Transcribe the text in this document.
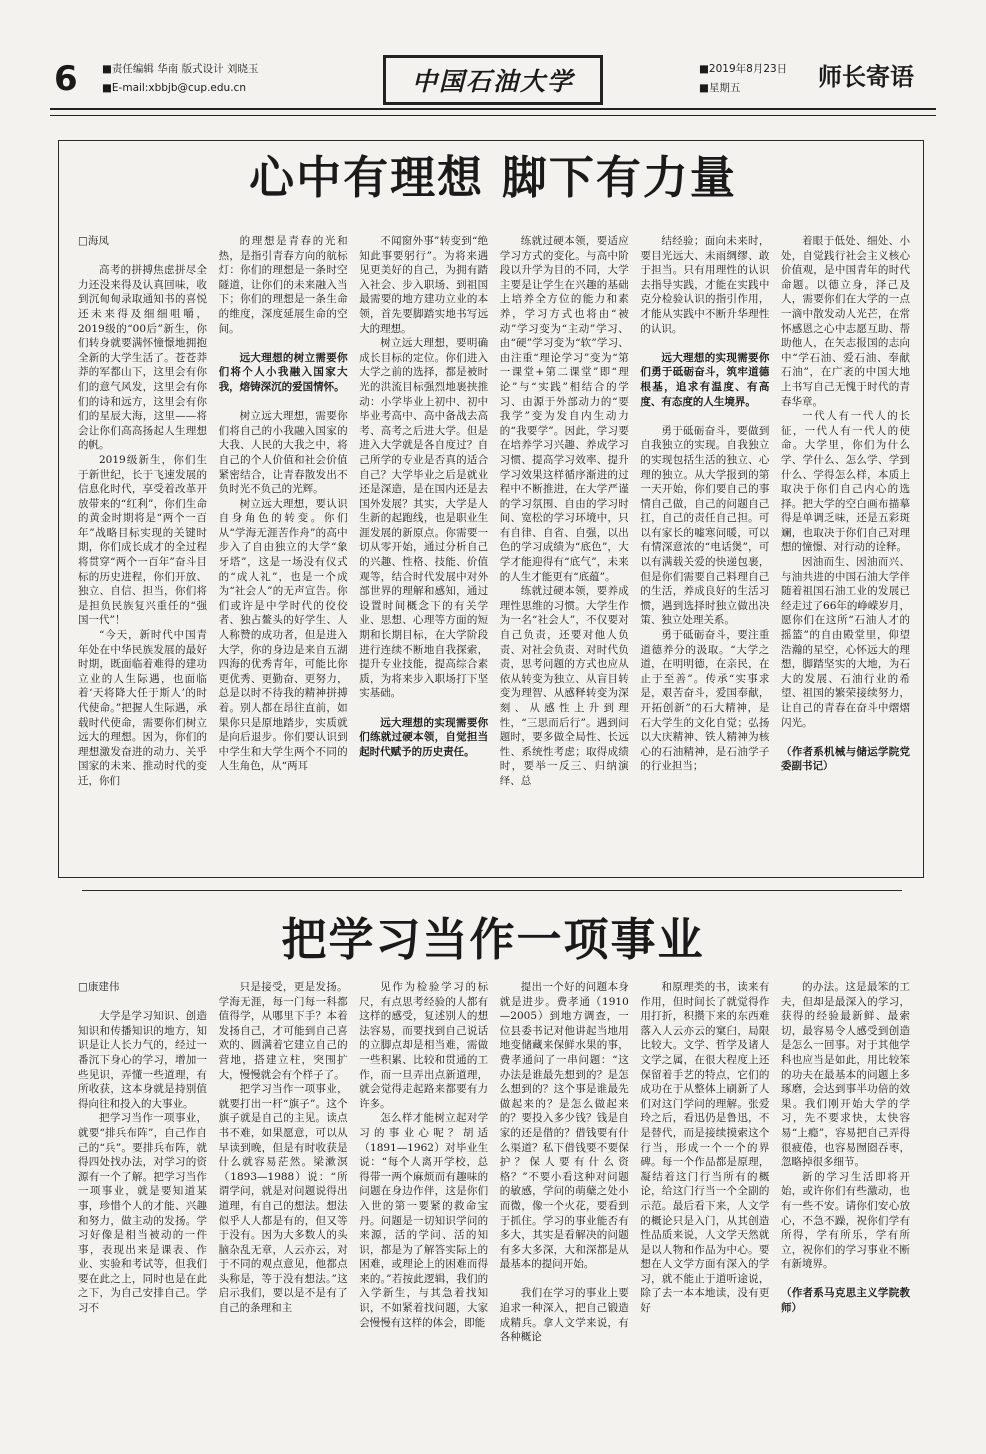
6 ■责任编辑 华南 版式设计 刘晓玉
■E-mail:xbbjb@cup.edu.cn	中国石油大学	■2019年8月23日
■星期五	师长寄语
心中有理想 脚下有力量

□海凤

高考的拼搏焦虑拼尽全力还没来得及认真回味，收到沉甸甸录取通知书的喜悦还未来得及细细咀嚼，2019级的“00后”新生，你们转身就要满怀憧憬地拥抱全新的大学生活了。苍苍莽莽的军都山下，这里会有你们的意气风发，这里会有你们的诗和远方，这里会有你们的星辰大海，这里——将会让你们高高扬起人生理想的帆。

2019级新生，你们生于新世纪，长于飞速发展的信息化时代，享受着改革开放带来的“红利”，你们生命的黄金时期将是“两个一百年”战略目标实现的关键时期，你们成长成才的全过程将贯穿“两个一百年”奋斗目标的历史进程，你们开放、独立、自信、担当，你们将是担负民族复兴重任的“强国一代”！

“今天，新时代中国青年处在中华民族发展的最好时期，既面临着难得的建功立业的人生际遇，也面临着‘天将降大任于斯人’的时代使命。”把握人生际遇，承载时代使命，需要你们树立远大的理想。因为，你们的理想激发奋进的动力、关乎国家的未来、推动时代的变迁，你们

的理想是青春的光和热，是指引青春方向的航标灯：你们的理想是一条时空隧道，让你们的未来融入当下；你们的理想是一条生命的维度，深度延展生命的空间。

远大理想的树立需要你们将个人小我融入国家大我，熔铸深沉的爱国情怀。

树立远大理想，需要你们将自己的小我融入国家的大我、人民的大我之中，将自己的个人价值和社会价值紧密结合，让青春散发出不负时光不负己的光辉。

树立远大理想，要认识自身角色的转变。你们从“学海无涯苦作舟”的高中步入了自由独立的大学“象牙塔”，这是一场没有仪式的“成人礼”，也是一个成为“社会人”的无声宣告。你们或许是中学时代的佼佼者、独占鳌头的好学生、人人称赞的成功者，但是进入大学，你的身边是来自五湖四海的优秀青年，可能比你更优秀、更勤奋、更努力，总是以时不待我的精神拼搏着。别人都在昂往直前，如果你只是原地踏步，实质就是向后退步。你们要认识到中学生和大学生两个不同的人生角色，从“两耳

不闻窗外事”转变到“绝知此事要躬行”。为将来遇见更美好的自己，为拥有踏入社会、步入职场、到祖国最需要的地方建功立业的本领，首先要脚踏实地书写远大的理想。

树立远大理想，要明确成长目标的定位。你们进入大学之前的选择，都是被时光的洪流目标强烈地裹挟推动：小学毕业上初中、初中毕业考高中、高中备战去高考、高考之后进大学。但是进入大学就是各自度过？自己所学的专业是否真的适合自己？大学毕业之后是就业还是深造，是在国内还是去国外发展？其实，大学是人生新的起跑线，也是职业生涯发展的新原点。你需要一切从零开始，通过分析自己的兴趣、性格、技能、价值观等，结合时代发展中对外部世界的理解和感知，通过设置时间概念下的有关学业、思想、心理等方面的短期和长期目标，在大学阶段进行连续不断地自我探索，提升专业技能，提高综合素质，为将来步入职场打下坚实基础。

远大理想的实现需要你们练就过硬本领，自觉担当起时代赋予的历史责任。

练就过硬本领，要适应学习方式的变化。与高中阶段以升学为目的不同，大学主要是让学生在兴趣的基础上培养全方位的能力和素养，学习方式也将由“被动”学习变为“主动”学习、由“硬”学习变为“软”学习、由注重“理论学习”变为“第一课堂+第二课堂”即“理论”与“实践”相结合的学习、由源于外部动力的“要我学”变为发自内生动力的“我要学”。因此，学习要在培养学习兴趣、养成学习习惯、提高学习效率、提升学习效果这样循序渐进的过程中不断推进，在大学严谨的学习氛围、自由的学习时间、宽松的学习环境中，只有自律、自省、自强，以出色的学习成绩为“底色”，大学才能迎得有“底气”，未来的人生才能更有“底蕴”。

练就过硬本领，要养成理性思维的习惯。大学生作为一名“社会人”，不仅要对自己负责，还要对他人负责、对社会负责、对时代负责，思考问题的方式也应从依从转变为独立、从盲目转变为理智、从感释转变为深刻、从感性上升到理性，“三思而后行”。遇到问题时，要多做全局性、长远性、系统性考虑；取得成绩时，要举一反三、归纳演绎、总

结经验；面向未来时，要目光远大、未雨绸缪、敢于担当。只有用理性的认识去指导实践，才能在实践中克分检验认识的指引作用，才能从实践中不断升华理性的认识。

远大理想的实现需要你们勇于砥砺奋斗，筑牢道德根基，追求有温度、有高度、有态度的人生境界。

勇于砥砺奋斗，要做到自我独立的实现。自我独立的实现包括生活的独立、心理的独立。从大学报到的第一天开始，你们要自己的事情自己做，自己的问题自己扛，自己的责任自己担。可以有家长的嘘寒问暖，可以有情深意浓的“电话煲”，可以有满载关爱的快递包裹，但是你们需要自己料理自己的生活，养成良好的生活习惯，遇到选择时独立做出决策、独立处理关系。

勇于砥砺奋斗，要注重道德养分的汲取。“大学之道，在明明德，在亲民，在止于至善”。传承“实事求是，艰苦奋斗，爱国奉献，开拓创新”的石大精神，是石大学生的文化自觉；弘扬以大庆精神、铁人精神为核心的石油精神，是石油学子的行业担当；

着眼于低处、细处、小处，自觉践行社会主义核心价值观，是中国青年的时代命题。以德立身，泽己及人，需要你们在大学的一点一滴中散发动人光芒，在常怀感恩之心中志愿互助、帮助他人，在矢志报国的志向中“学石油、爱石油、奉献石油”，在广袤的中国大地上书写自己无愧于时代的青春华章。

一代人有一代人的长征，一代人有一代人的使命。大学里，你们为什么学、学什么、怎么学、学到什么、学得怎么样，本质上取决于你们自己内心的选择。把大学的空白画布描摹得是单调乏味，还是五彩斑斓，也取决于你们自己对理想的憧憬、对行动的诠释。

因油而生、因油而兴、与油共进的中国石油大学伴随着祖国石油工业的发展已经走过了66年的峥嵘岁月，愿你们在这所“石油人才的摇篮”的自由殿堂里，仰望浩瀚的星空，心怀远大的理想，脚踏坚实的大地，为石大的发展、石油行业的希望、祖国的繁荣接续努力，让自己的青春在奋斗中熠熠闪光。

（作者系机械与储运学院党委副书记）

把学习当作一项事业

□康建伟

大学是学习知识、创造知识和传播知识的地方，知识是让人长力气的，经过一番沉下身心的学习，增加一些见识，弄懂一些道理，有所收获，这本身就是持别值得向往和投入的大事业。

把学习当作一项事业，就要“排兵布阵”，自己作自己的“兵”。要排兵布阵，就得四处找办法，对学习的资源有一个了解。把学习当作一项事业，就是要知道某事，珍惜个人的才能、兴趣和努力，做主动的发扬。学习好像是相当被动的一件事，表现出来是课表、作业、实验和考试等，但我们要在此之上，同时也是在此之下，为自己安排自己。学习不

只是接受，更是发扬。学海无涯，每一门每一科都值得学，从哪里下手？本着发扬自己，才可能到自己喜欢的、圆满着它建立自己的营地，搭建立柱，突围扩大，慢慢就会有个样子了。

把学习当作一项事业，就要打出一杆“旗子”。这个旗子就是自己的主见。读点书不难，如果愿意，可以从早读到晚，但是有时收获是什么就容易茫然。梁漱溟（1893—1988）说：“所谓学问，就是对问题说得出道理，有自己的想法。想法似乎人人都是有的，但又等于没有。因为大多数人的头脑杂乱无章，人云亦云，对于不同的观点意见，他都点头称是，等于没有想法。”这启示我们，要以是不是有了自己的条理和主

见作为检验学习的标尺，有点思考经验的人都有这样的感受，复述别人的想法容易，而要找到自己说话的立脚点却是相当难，需做一些积累、比较和贯通的工作，而一旦弄出点新道理，就会觉得走起路来都要有力许多。

怎么样才能树立起对学习的事业心呢？胡适（1891—1962）对毕业生说：“每个人离开学校，总得带一两个麻烦而有趣味的问题在身边作伴，这是你们入世的第一要紧的救命宝丹。问题是一切知识学问的来源，活的学问、活的知识，都是为了解答实际上的困难，或理论上的困难而得来的。”若按此逻辑，我们的入学新生，与其急着找知识，不如紧着找问题，大家会慢慢有这样的体会，即能

提出一个好的问题本身就是进步。费孝通（1910—2005）到地方调查，一位县委书记对他讲起当地用地变储藏来保鲜水果的事，费孝通问了一串问题：“这办法是谁最先想到的？是怎么想到的？这个事是谁最先做起来的？是怎么做起来的？要投入多少钱？钱是自家的还是借的？借钱要有什么渠道？私下借钱要不要保护？保人要有什么资格？”不要小看这种对问题的敏感，学问的萌蘖之处小而微，像一个火花，要看到于抓住。学习的事业能否有多大，其实是看解决的问题有多大多深，大和深都是从最基本的提问开始。

我们在学习的事业上要追求一种深入，把自己锻造成精兵。拿人文学来说，有各种概论

和原理类的书，读来有作用，但时间长了就觉得作用打折，积攒下来的东西难落入人云亦云的窠臼，局限比较大。文学、哲学及诸人文学之属，在很大程度上还保留着手艺的特点，它们的成功在于从整体上刷新了人们对这门学问的理解。张爱玲之后，看迅仍是鲁迅，不是替代，而是接续摸索这个行当，形成一个一个的界碑。每一个作品都是原理，凝结着这门行当所有的概论，给这门行当一个全副的示范。最后看下来，人文学的概论只是入门，从其创造性品质来说，人文学天然就是以人物和作品为中心。要想在人文学方面有深入的学习，就不能止于道听途说，除了去一本本地读，没有更好

的办法。这是最笨的工夫，但却是最深入的学习，获得的经验最新鲜、最索切，最容易令人感受到创造是怎么一回事。对于其他学科也应当是如此，用比较笨的功夫在最基本的问题上多琢磨，会达到事半功倍的效果。我们刚开始大学的学习，先不要求快，太快容易“上瘾”，容易把自己弄得很疲倦，也容易囫囵吞枣，忽略掉很多细节。

新的学习生活即将开始，或许你们有些激动，也有一些不安。请你们安心放心，不急不躁，祝你们学有所得，学有所乐，学有所立，祝你们的学习事业不断有新境界。

（作者系马克思主义学院教师）
